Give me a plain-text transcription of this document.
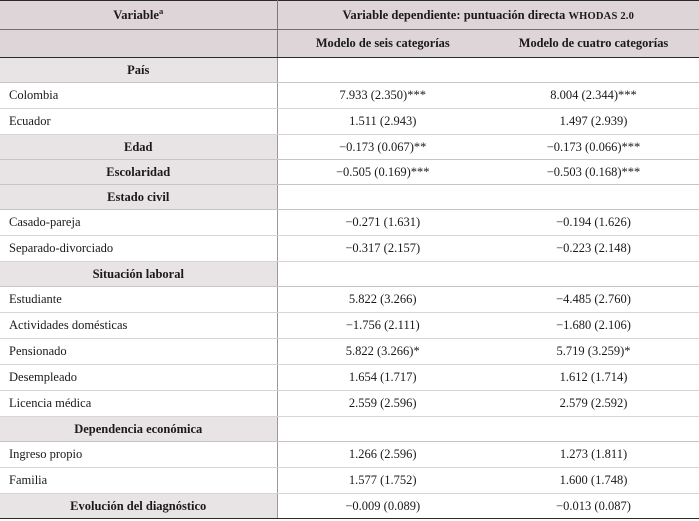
Variable$^a$	Variable dependiente: puntuación directa WHODAS 2.0	
	Modelo de seis categorías	Modelo de cuatro categorías
País		
Colombia	7.933 (2.350)***	8.004 (2.344)***
Ecuador	1.511 (2.943)	1.497 (2.939)
Edad	−0.173 (0.067)**	−0.173 (0.066)***
Escolaridad	−0.505 (0.169)***	−0.503 (0.168)***
Estado civil		
Casado-pareja	−0.271 (1.631)	−0.194 (1.626)
Separado-divorciado	−0.317 (2.157)	−0.223 (2.148)
Situación laboral		
Estudiante	5.822 (3.266)	−4.485 (2.760)
Actividades domésticas	−1.756 (2.111)	−1.680 (2.106)
Pensionado	5.822 (3.266)*	5.719 (3.259)*
Desempleado	1.654 (1.717)	1.612 (1.714)
Licencia médica	2.559 (2.596)	2.579 (2.592)
Dependencia económica		
Ingreso propio	1.266 (2.596)	1.273 (1.811)
Familia	1.577 (1.752)	1.600 (1.748)
Evolución del diagnóstico	−0.009 (0.089)	−0.013 (0.087)
